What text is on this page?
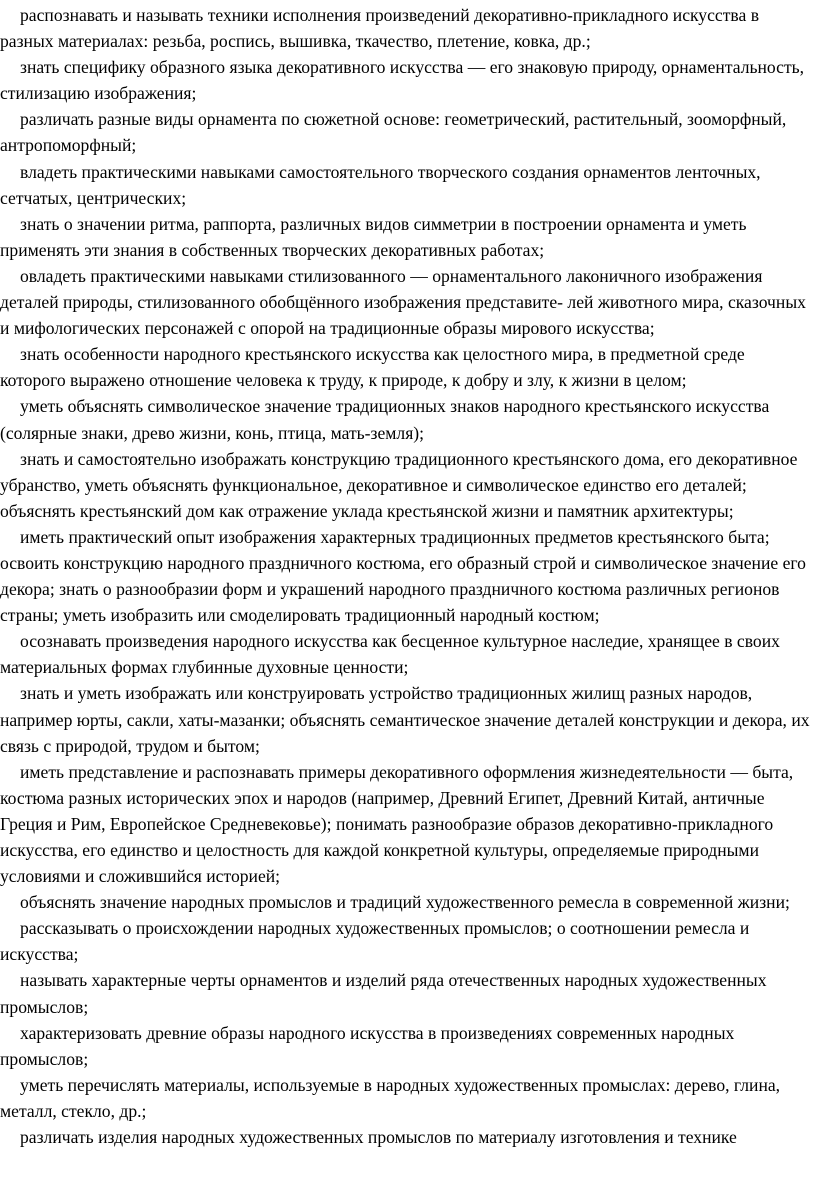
распознавать и называть техники исполнения произведений декоративно-прикладного искусства в разных материалах: резьба, роспись, вышивка, ткачество, плетение, ковка, др.;

знать специфику образного языка декоративного искусства — его знаковую природу, орнаментальность, стилизацию изображения;

различать разные виды орнамента по сюжетной основе: геометрический, растительный, зооморфный, антропоморфный;

владеть практическими навыками самостоятельного творческого создания орнаментов ленточных, сетчатых, центрических;

знать о значении ритма, раппорта, различных видов симметрии в построении орнамента и уметь применять эти знания в собственных творческих декоративных работах;

овладеть практическими навыками стилизованного — орнаментального лаконичного изображения деталей природы, стилизованного обобщённого изображения представите- лей животного мира, сказочных и мифологических персонажей с опорой на традиционные образы мирового искусства;

знать особенности народного крестьянского искусства как целостного мира, в предметной среде которого выражено отношение человека к труду, к природе, к добру и злу, к жизни в целом;

уметь объяснять символическое значение традиционных знаков народного крестьянского искусства (солярные знаки, древо жизни, конь, птица, мать-земля);

знать и самостоятельно изображать конструкцию традиционного крестьянского дома, его декоративное убранство, уметь объяснять функциональное, декоративное и символическое единство его деталей; объяснять крестьянский дом как отражение уклада крестьянской жизни и памятник архитектуры;

иметь практический опыт изображения характерных традиционных предметов крестьянского быта; освоить конструкцию народного праздничного костюма, его образный строй и символическое значение его декора; знать о разнообразии форм и украшений народного праздничного костюма различных регионов страны; уметь изобразить или смоделировать традиционный народный костюм;

осознавать произведения народного искусства как бесценное культурное наследие, хранящее в своих материальных формах глубинные духовные ценности;

знать и уметь изображать или конструировать устройство традиционных жилищ разных народов, например юрты, сакли, хаты-мазанки; объяснять семантическое значение деталей конструкции и декора, их связь с природой, трудом и бытом;

иметь представление и распознавать примеры декоративного оформления жизнедеятельности — быта, костюма разных исторических эпох и народов (например, Древний Египет, Древний Китай, античные Греция и Рим, Европейское Средневековье); понимать разнообразие образов декоративно-прикладного искусства, его единство и целостность для каждой конкретной культуры, определяемые природными условиями и сложившийся историей;

объяснять значение народных промыслов и традиций художественного ремесла в современной жизни;

рассказывать о происхождении народных художественных промыслов; о соотношении ремесла и искусства;

называть характерные черты орнаментов и изделий ряда отечественных народных художественных промыслов;

характеризовать древние образы народного искусства в произведениях современных народных промыслов;

уметь перечислять материалы, используемые в народных художественных промыслах: дерево, глина, металл, стекло, др.;

различать изделия народных художественных промыслов по материалу изготовления и технике
